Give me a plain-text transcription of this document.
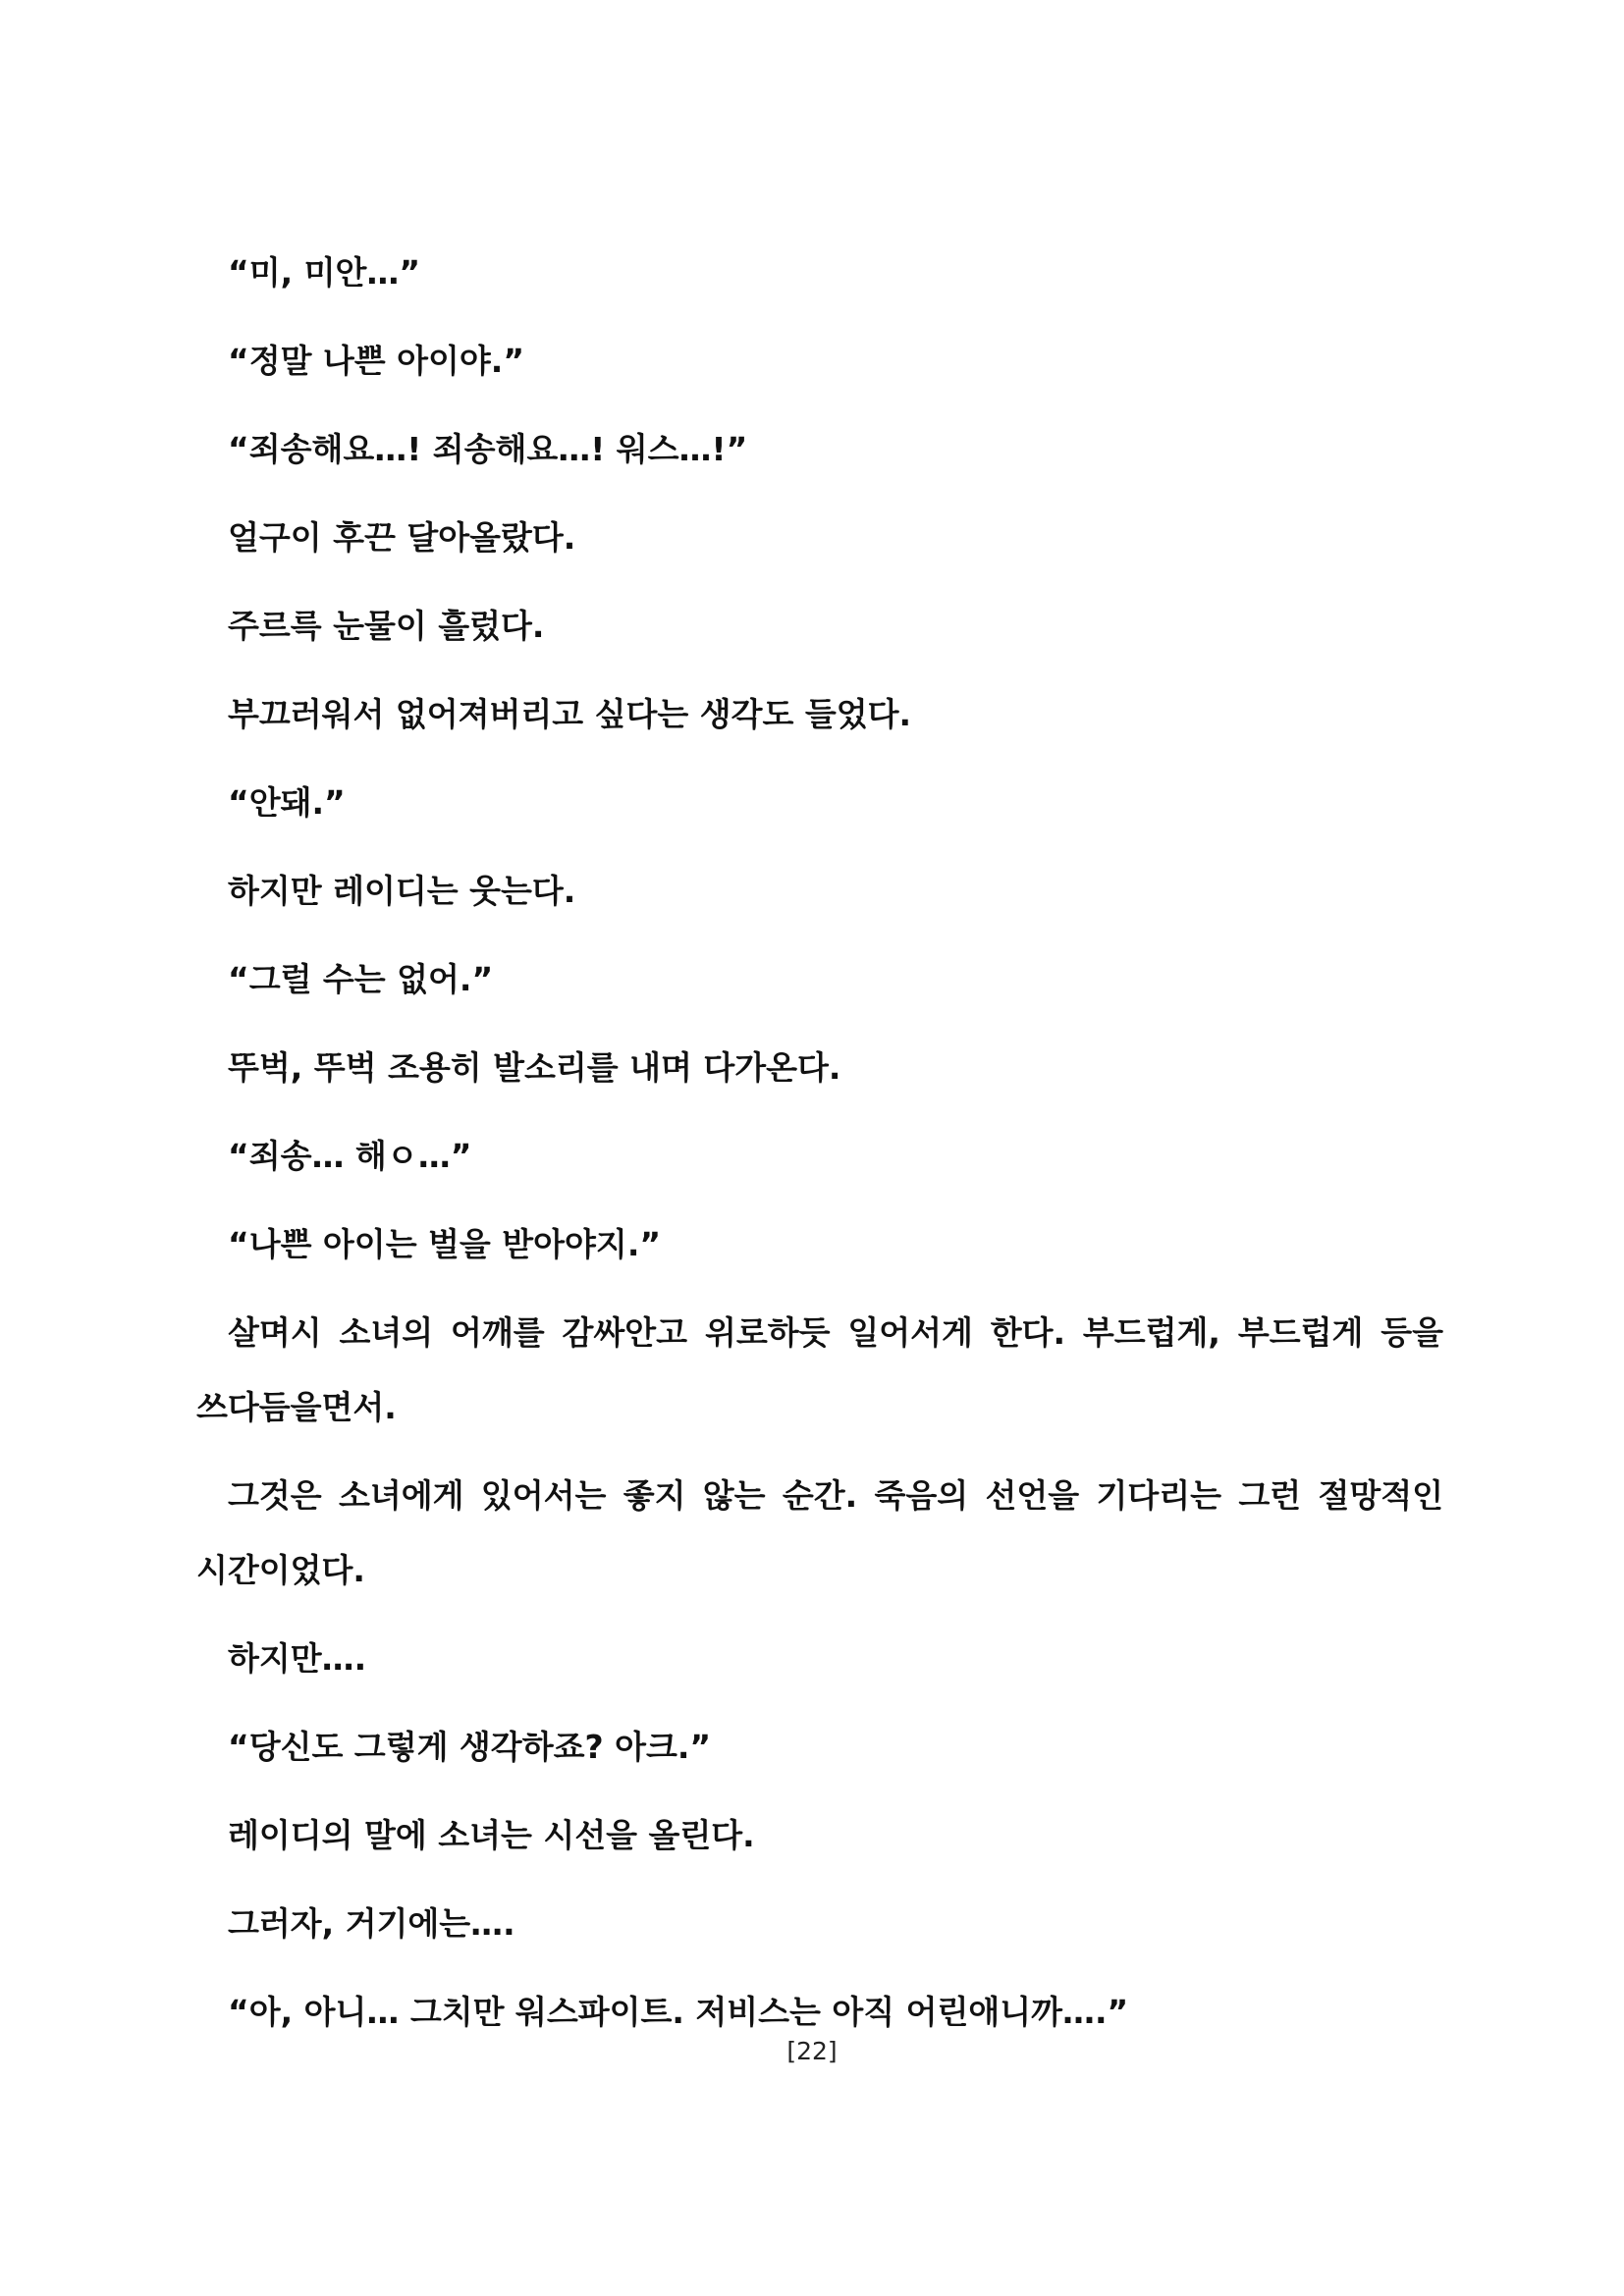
“미, 미안…”

“정말 나쁜 아이야.”

“죄송해요…! 죄송해요…! 워스…!”

얼구이 후끈 달아올랐다.

주르륵 눈물이 흘렀다.

부끄러워서 없어져버리고 싶다는 생각도 들었다.

“안돼.”

하지만 레이디는 웃는다.

“그럴 수는 없어.”

뚜벅, 뚜벅 조용히 발소리를 내며 다가온다.

“죄송… 해ㅇ…”

“나쁜 아이는 벌을 받아야지.”

살며시 소녀의 어깨를 감싸안고 위로하듯 일어서게 한다. 부드럽게, 부드럽게 등을 쓰다듬을면서.

그것은 소녀에게 있어서는 좋지 않는 순간. 죽음의 선언을 기다리는 그런 절망적인 시간이었다.

하지만….

“당신도 그렇게 생각하죠? 아크.”

레이디의 말에 소녀는 시선을 올린다.

그러자, 거기에는….

“아, 아니… 그치만 워스파이트. 저비스는 아직 어린애니까….”

[22]
